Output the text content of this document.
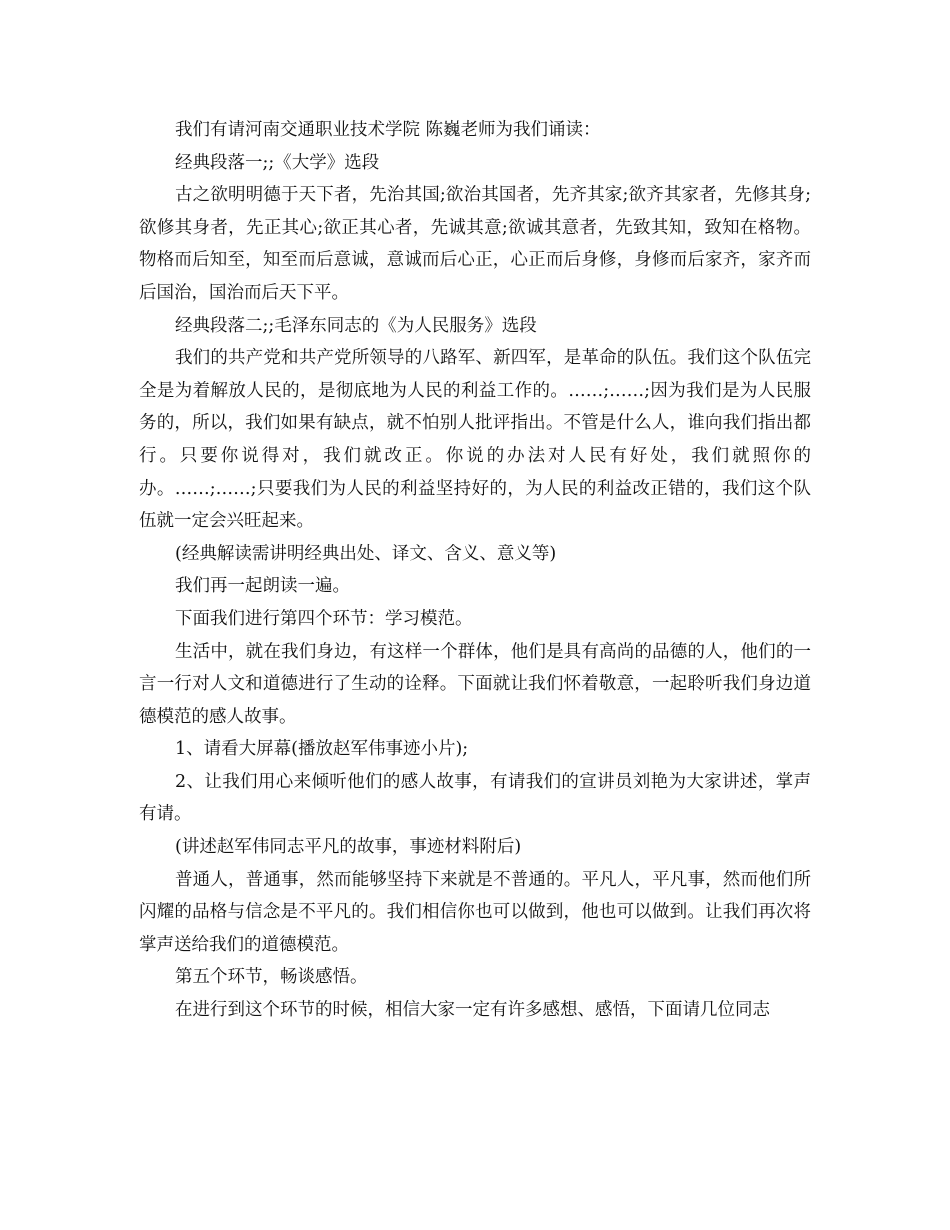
我们有请河南交通职业技术学院 陈巍老师为我们诵读：

经典段落一;;《大学》选段

古之欲明明德于天下者，先治其国;欲治其国者，先齐其家;欲齐其家者，先修其身;欲修其身者，先正其心;欲正其心者，先诚其意;欲诚其意者，先致其知，致知在格物。物格而后知至，知至而后意诚，意诚而后心正，心正而后身修，身修而后家齐，家齐而后国治，国治而后天下平。

经典段落二;;毛泽东同志的《为人民服务》选段

我们的共产党和共产党所领导的八路军、新四军，是革命的队伍。我们这个队伍完全是为着解放人民的，是彻底地为人民的利益工作的。……;……;因为我们是为人民服务的，所以，我们如果有缺点，就不怕别人批评指出。不管是什么人，谁向我们指出都行。只要你说得对，我们就改正。你说的办法对人民有好处，我们就照你的办。……;……;只要我们为人民的利益坚持好的，为人民的利益改正错的，我们这个队伍就一定会兴旺起来。

(经典解读需讲明经典出处、译文、含义、意义等)

我们再一起朗读一遍。

下面我们进行第四个环节：学习模范。

生活中，就在我们身边，有这样一个群体，他们是具有高尚的品德的人，他们的一言一行对人文和道德进行了生动的诠释。下面就让我们怀着敬意，一起聆听我们身边道德模范的感人故事。

1、请看大屏幕(播放赵军伟事迹小片);

2、让我们用心来倾听他们的感人故事，有请我们的宣讲员刘艳为大家讲述，掌声有请。

(讲述赵军伟同志平凡的故事，事迹材料附后)

普通人，普通事，然而能够坚持下来就是不普通的。平凡人，平凡事，然而他们所闪耀的品格与信念是不平凡的。我们相信你也可以做到，他也可以做到。让我们再次将掌声送给我们的道德模范。

第五个环节，畅谈感悟。

在进行到这个环节的时候，相信大家一定有许多感想、感悟，下面请几位同志
